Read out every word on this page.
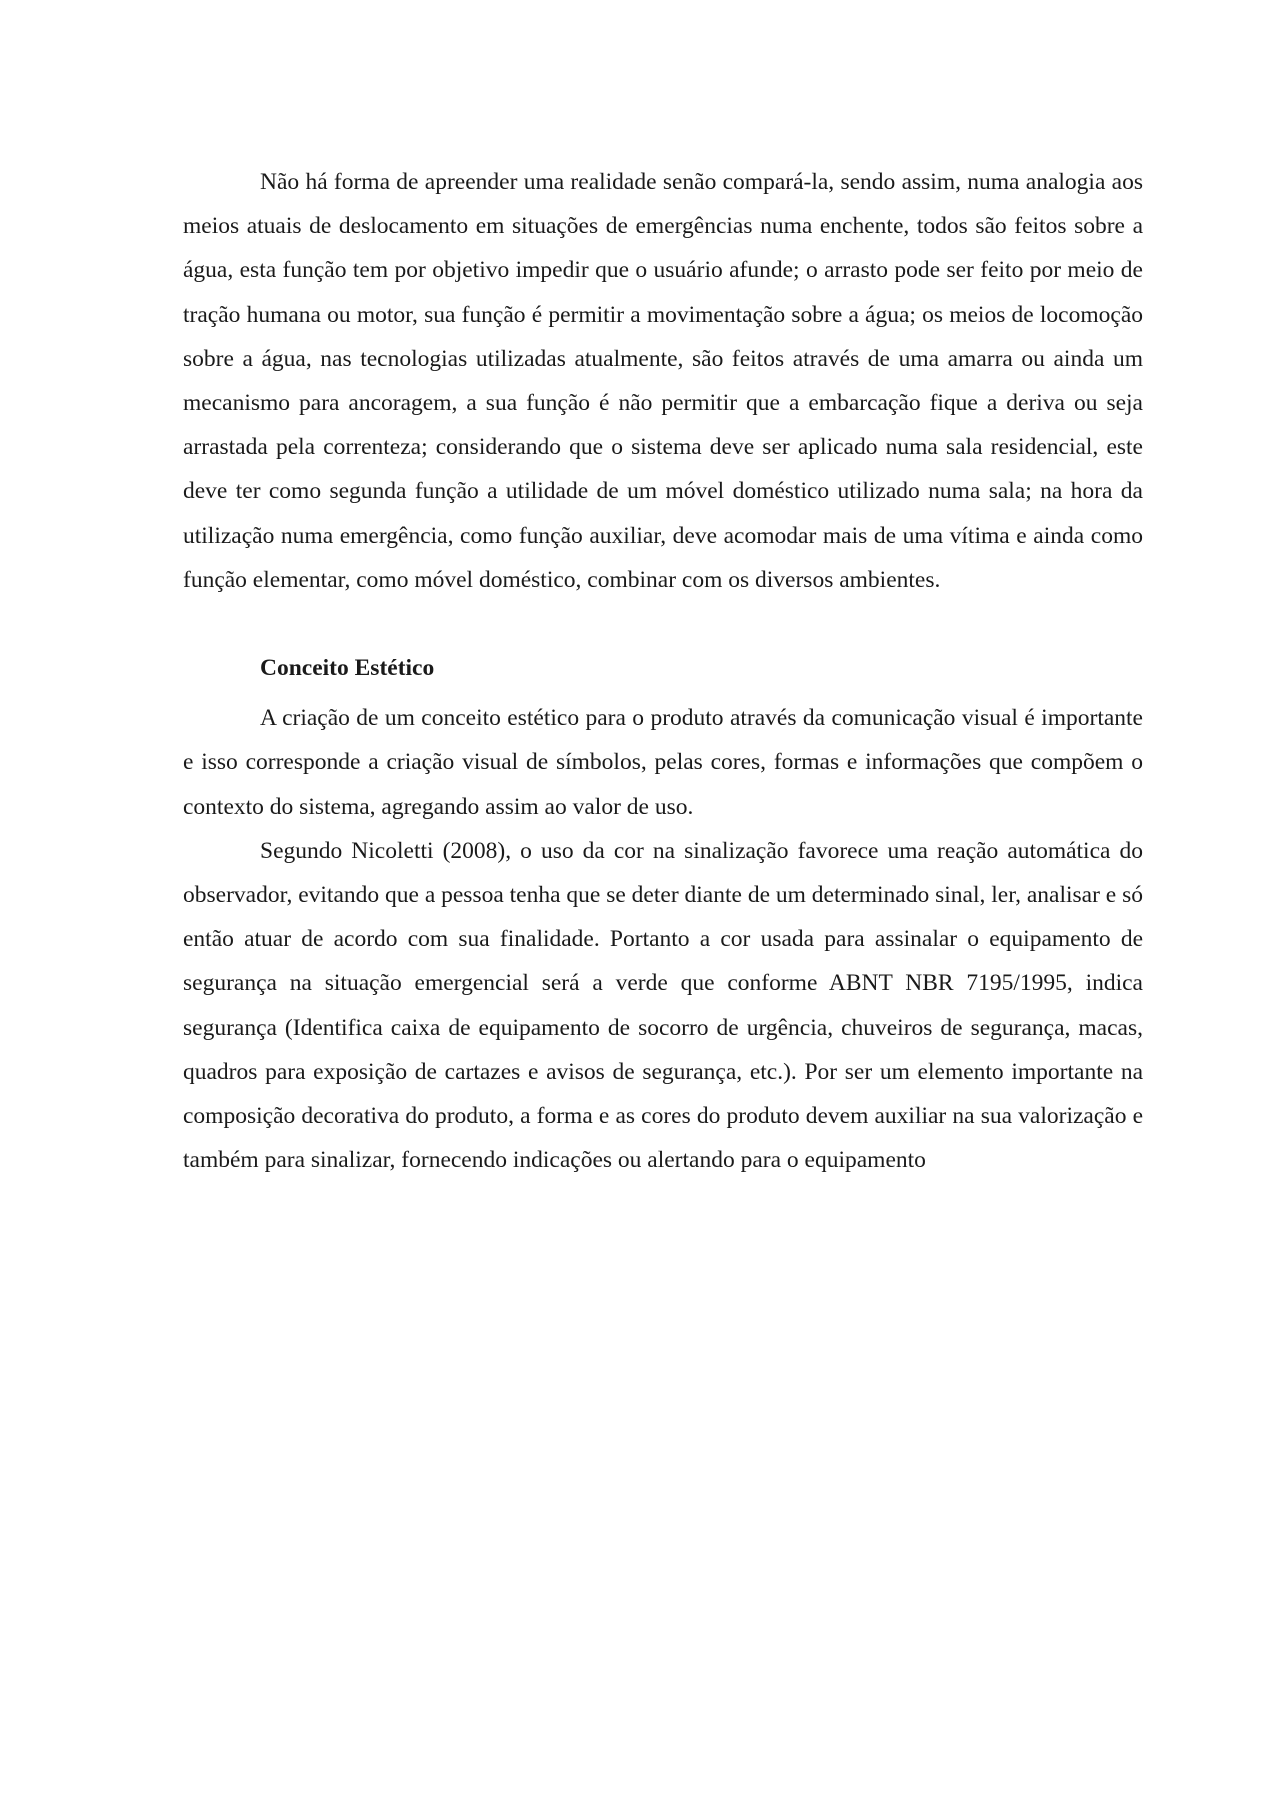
Não há forma de apreender uma realidade senão compará-la, sendo assim, numa analogia aos meios atuais de deslocamento em situações de emergências numa enchente, todos são feitos sobre a água, esta função tem por objetivo impedir que o usuário afunde; o arrasto pode ser feito por meio de tração humana ou motor, sua função é permitir a movimentação sobre a água; os meios de locomoção sobre a água, nas tecnologias utilizadas atualmente, são feitos através de uma amarra ou ainda um mecanismo para ancoragem, a sua função é não permitir que a embarcação fique a deriva ou seja arrastada pela correnteza; considerando que o sistema deve ser aplicado numa sala residencial, este deve ter como segunda função a utilidade de um móvel doméstico utilizado numa sala; na hora da utilização numa emergência, como função auxiliar, deve acomodar mais de uma vítima e ainda como função elementar, como móvel doméstico, combinar com os diversos ambientes.

Conceito Estético

A criação de um conceito estético para o produto através da comunicação visual é importante e isso corresponde a criação visual de símbolos, pelas cores, formas e informações que compõem o contexto do sistema, agregando assim ao valor de uso.

Segundo Nicoletti (2008), o uso da cor na sinalização favorece uma reação automática do observador, evitando que a pessoa tenha que se deter diante de um determinado sinal, ler, analisar e só então atuar de acordo com sua finalidade. Portanto a cor usada para assinalar o equipamento de segurança na situação emergencial será a verde que conforme ABNT NBR 7195/1995, indica segurança (Identifica caixa de equipamento de socorro de urgência, chuveiros de segurança, macas, quadros para exposição de cartazes e avisos de segurança, etc.). Por ser um elemento importante na composição decorativa do produto, a forma e as cores do produto devem auxiliar na sua valorização e também para sinalizar, fornecendo indicações ou alertando para o equipamento
